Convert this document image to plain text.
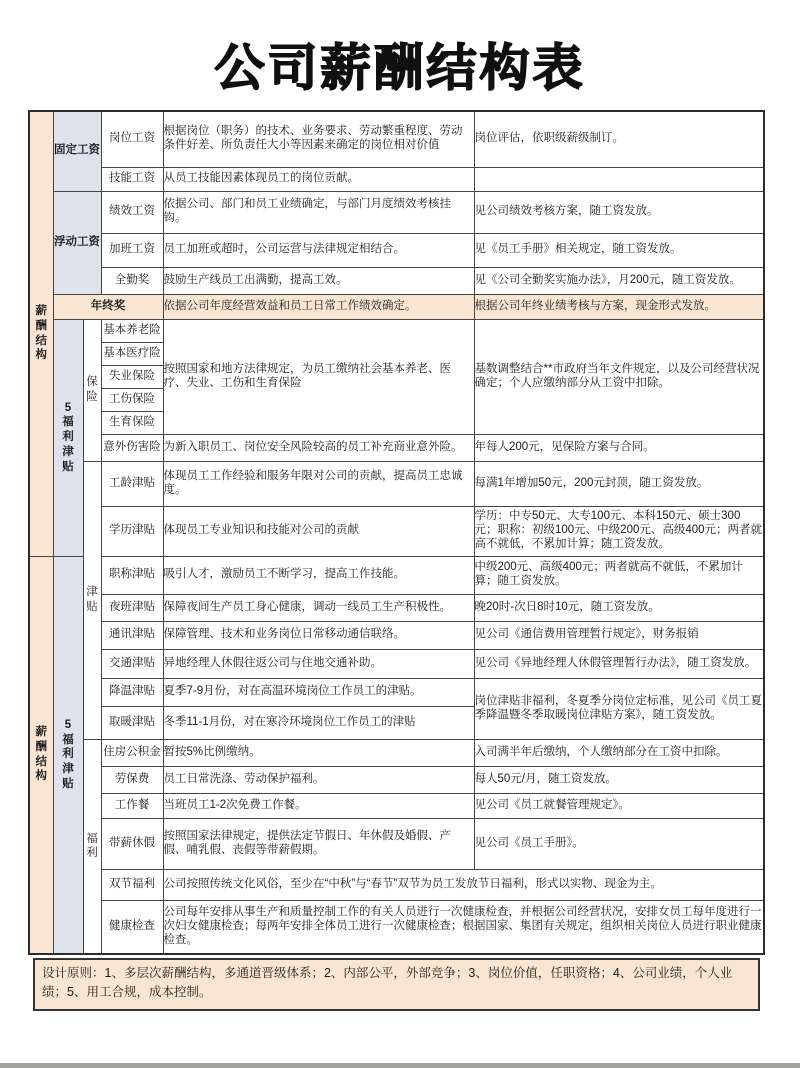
公司薪酬结构表
薪酬结构	固定工资		岗位工资	根据岗位（职务）的技术、业务要求、劳动繁重程度、劳动条件好差、所负责任大小等因素来确定的岗位相对价值	岗位评估，依职级薪级制订。
			技能工资	从员工技能因素体现员工的岗位贡献。	
	浮动工资		绩效工资	依据公司、部门和员工业绩确定，与部门月度绩效考核挂钩。	见公司绩效考核方案，随工资发放。
			加班工资	员工加班或超时，公司运营与法律规定相结合。	见《员工手册》相关规定，随工资发放。
			全勤奖	鼓励生产线员工出满勤，提高工效。	见《公司全勤奖实施办法》，月200元，随工资发放。
	年终奖			依据公司年度经营效益和员工日常工作绩效确定。	根据公司年终业绩考核与方案，现金形式发放。

	5福利津贴	保险	基本养老险	按照国家和地方法律规定，为员工缴纳社会基本养老、医疗、失业、工伤和生育保险	基数调整结合**市政府当年文件规定，以及公司经营状况确定；个人应缴纳部分从工资中扣除。
			基本医疗险		
			失业保险		
			工伤保险		
			生育保险		
			意外伤害险	为新入职员工、岗位安全风险较高的员工补充商业意外险。	年每人200元，见保险方案与合同。

		津贴	工龄津贴	体现员工工作经验和服务年限对公司的贡献，提高员工忠诚度。	每满1年增加50元，200元封顶，随工资发放。
			学历津贴	体现员工专业知识和技能对公司的贡献	学历：中专50元、大专100元、本科150元、硕士300元；职称：初级100元、中级200元、高级400元；两者就高不就低，不累加计算；随工资发放。

薪酬结构	5福利津贴		职称津贴	吸引人才，激励员工不断学习，提高工作技能。	中级200元、高级400元；两者就高不就低，不累加计算；随工资发放。
			夜班津贴	保障夜间生产员工身心健康，调动一线员工生产积极性。	晚20时-次日8时10元，随工资发放。
			通讯津贴	保障管理、技术和业务岗位日常移动通信联络。	见公司《通信费用管理暂行规定》，财务报销
			交通津贴	异地经理人休假往返公司与住地交通补助。	见公司《异地经理人休假管理暂行办法》，随工资发放。
			降温津贴	夏季7-9月份，对在高温环境岗位工作员工的津贴。	岗位津贴非福利，冬夏季分岗位定标准，见公司《员工夏季降温暨冬季取暖岗位津贴方案》，随工资发放。
			取暖津贴	冬季11-1月份，对在寒冷环境岗位工作员工的津贴	

		福利	住房公积金	暂按5%比例缴纳。	入司满半年后缴纳，个人缴纳部分在工资中扣除。
			劳保费	员工日常洗涤、劳动保护福利。	每人50元/月，随工资发放。
			工作餐	当班员工1-2次免费工作餐。	见公司《员工就餐管理规定》。
			带薪休假	按照国家法律规定，提供法定节假日、年休假及婚假、产假、哺乳假、丧假等带薪假期。	见公司《员工手册》。
			双节福利	公司按照传统文化风俗，至少在“中秋”与“春节”双节为员工发放节日福利，形式以实物、现金为主。	
			健康检查	公司每年安排从事生产和质量控制工作的有关人员进行一次健康检查，并根据公司经营状况，安排女员工每年度进行一次妇女健康检查；每两年安排全体员工进行一次健康检查；根据国家、集团有关规定，组织相关岗位人员进行职业健康检查。	
设计原则：1、多层次薪酬结构，多通道晋级体系；2、内部公平，外部竞争；3、岗位价值，任职资格；4、公司业绩，个人业绩；5、用工合规，成本控制。
